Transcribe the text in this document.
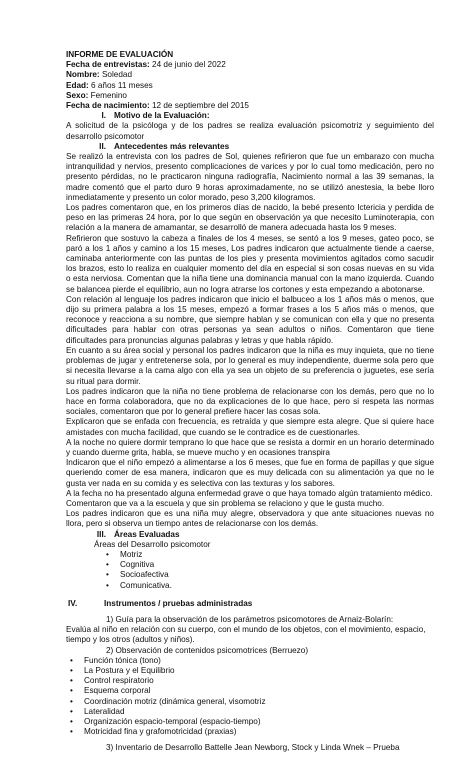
INFORME DE EVALUACIÓN
Fecha de entrevistas: 24 de junio del 2022
Nombre: Soledad
Edad: 6 años 11 meses
Sexo: Femenino
Fecha de nacimiento: 12 de septiembre del 2015
I. Motivo de la Evaluación:
A solicitud de la psicóloga y de los padres se realiza evaluación psicomotriz y seguimiento del desarrollo psicomotor
II. Antecedentes más relevantes
Se realizó la entrevista con los padres de Sol, quienes refirieron que fue un embarazo con mucha intranquilidad y nervios, presento complicaciones de varices y por lo cual tomo medicación, pero no presento pérdidas, no le practicaron ninguna radiografía, Nacimiento normal a las 39 semanas, la madre comentó que el parto duro 9 horas aproximadamente, no se utilizó anestesia, la bebe lloro inmediatamente y presento un color morado, peso 3,200 kilogramos.
Los padres comentaron que, en los primeros días de nacido, la bebé presento Ictericia y perdida de peso en las primeras 24 hora, por lo que según en observación ya que necesito Luminoterapia, con relación a la manera de amamantar, se desarrolló de manera adecuada hasta los 9 meses.
Refirieron que sostuvo la cabeza a finales de los 4 meses, se sentó a los 9 meses, gateo poco, se paró a los 1 años y camino a los 15 meses, Los padres indicaron que actualmente tiende a caerse, caminaba anteriormente con las puntas de los pies y presenta movimientos agitados como sacudir los brazos, esto lo realiza en cualquier momento del día en especial si son cosas nuevas en su vida o esta nerviosa. Comentan que la niña tiene una dominancia manual con la mano izquierda. Cuando se balancea pierde el equilibrio, aun no logra atrarse los cortones y esta empezando a abotonarse.
Con relación al lenguaje los padres indicaron que inicio el balbuceo a los 1 años más o menos, que dijo su primera palabra a los 15 meses, empezó a formar frases a los 5 años más o menos, que reconoce y reacciona a su nombre, que siempre hablan y se comunican con ella y que no presenta dificultades para hablar con otras personas ya sean adultos o niños. Comentaron que tiene dificultades para pronuncias algunas palabras y letras y que habla rápido.
En cuanto a su área social y personal los padres indicaron que la niña es muy inquieta, que no tiene problemas de jugar y entretenerse sola, por lo general es muy independiente, duerme sola pero que si necesita llevarse a la cama algo con ella ya sea un objeto de su preferencia o juguetes, ese sería su ritual para dormir.
Los padres indicaron que la niña no tiene problema de relacionarse con los demás, pero que no lo hace en forma colaboradora, que no da explicaciones de lo que hace, pero si respeta las normas sociales, comentaron que por lo general prefiere hacer las cosas sola.
Explicaron que se enfada con frecuencia, es retraída y que siempre esta alegre. Que si quiere hace amistades con mucha facilidad, que cuando se le contradice es de cuestionarles.
A la noche no quiere dormir temprano lo que hace que se resista a dormir en un horario determinado y cuando duerme grita, habla, se mueve mucho y en ocasiones transpira
Indicaron que el niño empezó a alimentarse a los 6 meses, que fue en forma de papillas y que sigue queriendo comer de esa manera, indicaron que es muy delicada con su alimentación ya que no le gusta ver nada en su comida y es selectiva con las texturas y los sabores.
A la fecha no ha presentado alguna enfermedad grave o que haya tomado algún tratamiento médico.
Comentaron que va a la escuela y que sin problema se relaciono y que le gusta mucho.
Los padres indicaron que es una niña muy alegre, observadora y que ante situaciones nuevas no llora, pero si observa un tiempo antes de relacionarse con los demás.
III. Áreas Evaluadas
Áreas del Desarrollo psicomotor
• Motriz
• Cognitiva
• Socioafectiva
• Comunicativa.
IV.	Instrumentos / pruebas administradas
1) Guía para la observación de los parámetros psicomotores de Arnaiz-Bolarín:
Evalúa al niño en relación con su cuerpo, con el mundo de los objetos, con el movimiento, espacio, tiempo y los otros (adultos y niños).
2) Observación de contenidos psicomotrices (Berruezo)
• Función tónica (tono)
• La Postura y el Equilibrio
• Control respiratorio
• Esquema corporal
• Coordinación motriz (dinámica general, visomotriz
• Lateralidad
• Organización espacio-temporal (espacio-tiempo)
• Motricidad fina y grafomotricidad (praxias)
3) Inventario de Desarrollo Battelle Jean Newborg, Stock y Linda Wnek – Prueba
